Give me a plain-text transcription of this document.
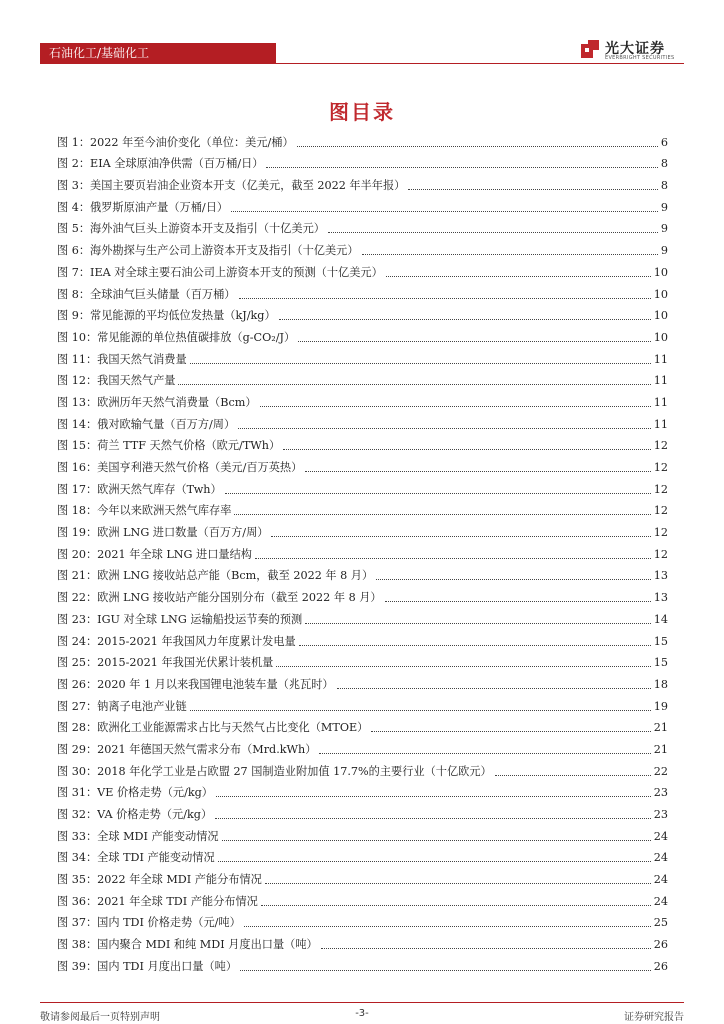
石油化工/基础化工	光大证券
EVERBRIGHT SECURITIES
图目录
图 1：2022 年至今油价变化（单位：美元/桶）	6
图 2：EIA 全球原油净供需（百万桶/日）	8
图 3：美国主要页岩油企业资本开支（亿美元，截至 2022 年半年报）	8
图 4：俄罗斯原油产量（万桶/日）	9
图 5：海外油气巨头上游资本开支及指引（十亿美元）	9
图 6：海外勘探与生产公司上游资本开支及指引（十亿美元）	9
图 7：IEA 对全球主要石油公司上游资本开支的预测（十亿美元）	10
图 8：全球油气巨头储量（百万桶）	10
图 9：常见能源的平均低位发热量（kJ/kg）	10
图 10：常见能源的单位热值碳排放（g-CO₂/J）	10
图 11：我国天然气消费量	11
图 12：我国天然气产量	11
图 13：欧洲历年天然气消费量（Bcm）	11
图 14：俄对欧输气量（百万方/周）	11
图 15：荷兰 TTF 天然气价格（欧元/TWh）	12
图 16：美国亨利港天然气价格（美元/百万英热）	12
图 17：欧洲天然气库存（Twh）	12
图 18：今年以来欧洲天然气库存率	12
图 19：欧洲 LNG 进口数量（百万方/周）	12
图 20：2021 年全球 LNG 进口量结构	12
图 21：欧洲 LNG 接收站总产能（Bcm，截至 2022 年 8 月）	13
图 22：欧洲 LNG 接收站产能分国别分布（截至 2022 年 8 月）	13
图 23：IGU 对全球 LNG 运输船投运节奏的预测	14
图 24：2015-2021 年我国风力年度累计发电量	15
图 25：2015-2021 年我国光伏累计装机量	15
图 26：2020 年 1 月以来我国锂电池装车量（兆瓦时）	18
图 27：钠离子电池产业链	19
图 28：欧洲化工业能源需求占比与天然气占比变化（MTOE）	21
图 29：2021 年德国天然气需求分布（Mrd.kWh）	21
图 30：2018 年化学工业是占欧盟 27 国制造业附加值 17.7%的主要行业（十亿欧元）	22
图 31：VE 价格走势（元/kg）	23
图 32：VA 价格走势（元/kg）	23
图 33：全球 MDI 产能变动情况	24
图 34：全球 TDI 产能变动情况	24
图 35：2022 年全球 MDI 产能分布情况	24
图 36：2021 年全球 TDI 产能分布情况	24
图 37：国内 TDI 价格走势（元/吨）	25
图 38：国内聚合 MDI 和纯 MDI 月度出口量（吨）	26
图 39：国内 TDI 月度出口量（吨）	26
敬请参阅最后一页特别声明	-3-	证券研究报告
